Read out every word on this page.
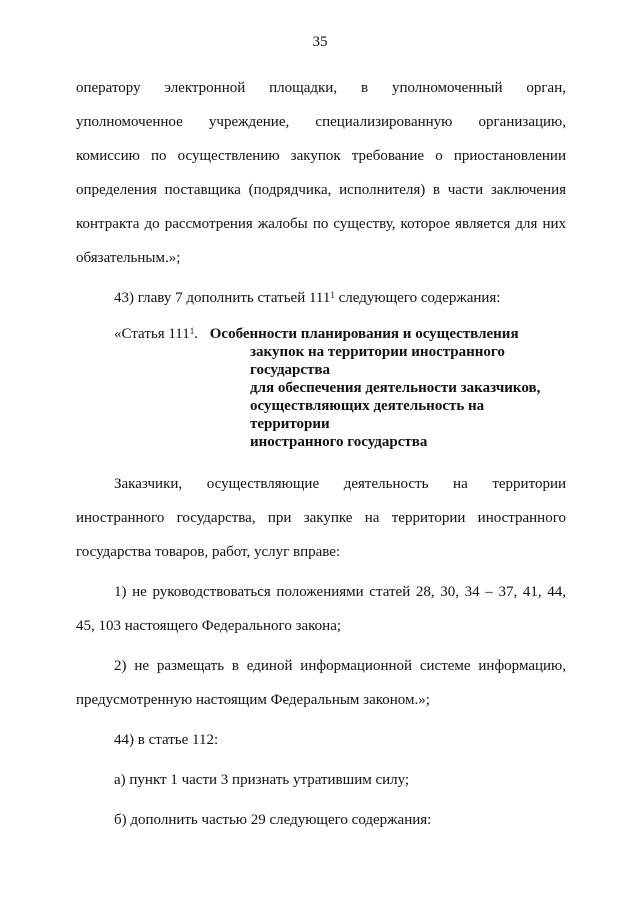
35
оператору электронной площадки, в уполномоченный орган,
уполномоченное учреждение, специализированную организацию,
комиссию по осуществлению закупок требование о приостановлении
определения поставщика (подрядчика, исполнителя) в части заключения
контракта до рассмотрения жалобы по существу, которое является для них
обязательным.»;
43) главу 7 дополнить статьей $111^1$ следующего содержания:
«Статья $111^1$. Особенности планирования и осуществления
закупок на территории иностранного государства
для обеспечения деятельности заказчиков,
осуществляющих деятельность на территории
иностранного государства
Заказчики, осуществляющие деятельность на территории
иностранного государства, при закупке на территории иностранного
государства товаров, работ, услуг вправе:
1) не руководствоваться положениями статей 28, 30, 34 – 37, 41, 44,
45, 103 настоящего Федерального закона;
2) не размещать в единой информационной системе информацию,
предусмотренную настоящим Федеральным законом.»;
44) в статье 112:
а) пункт 1 части 3 признать утратившим силу;
б) дополнить частью 29 следующего содержания:
